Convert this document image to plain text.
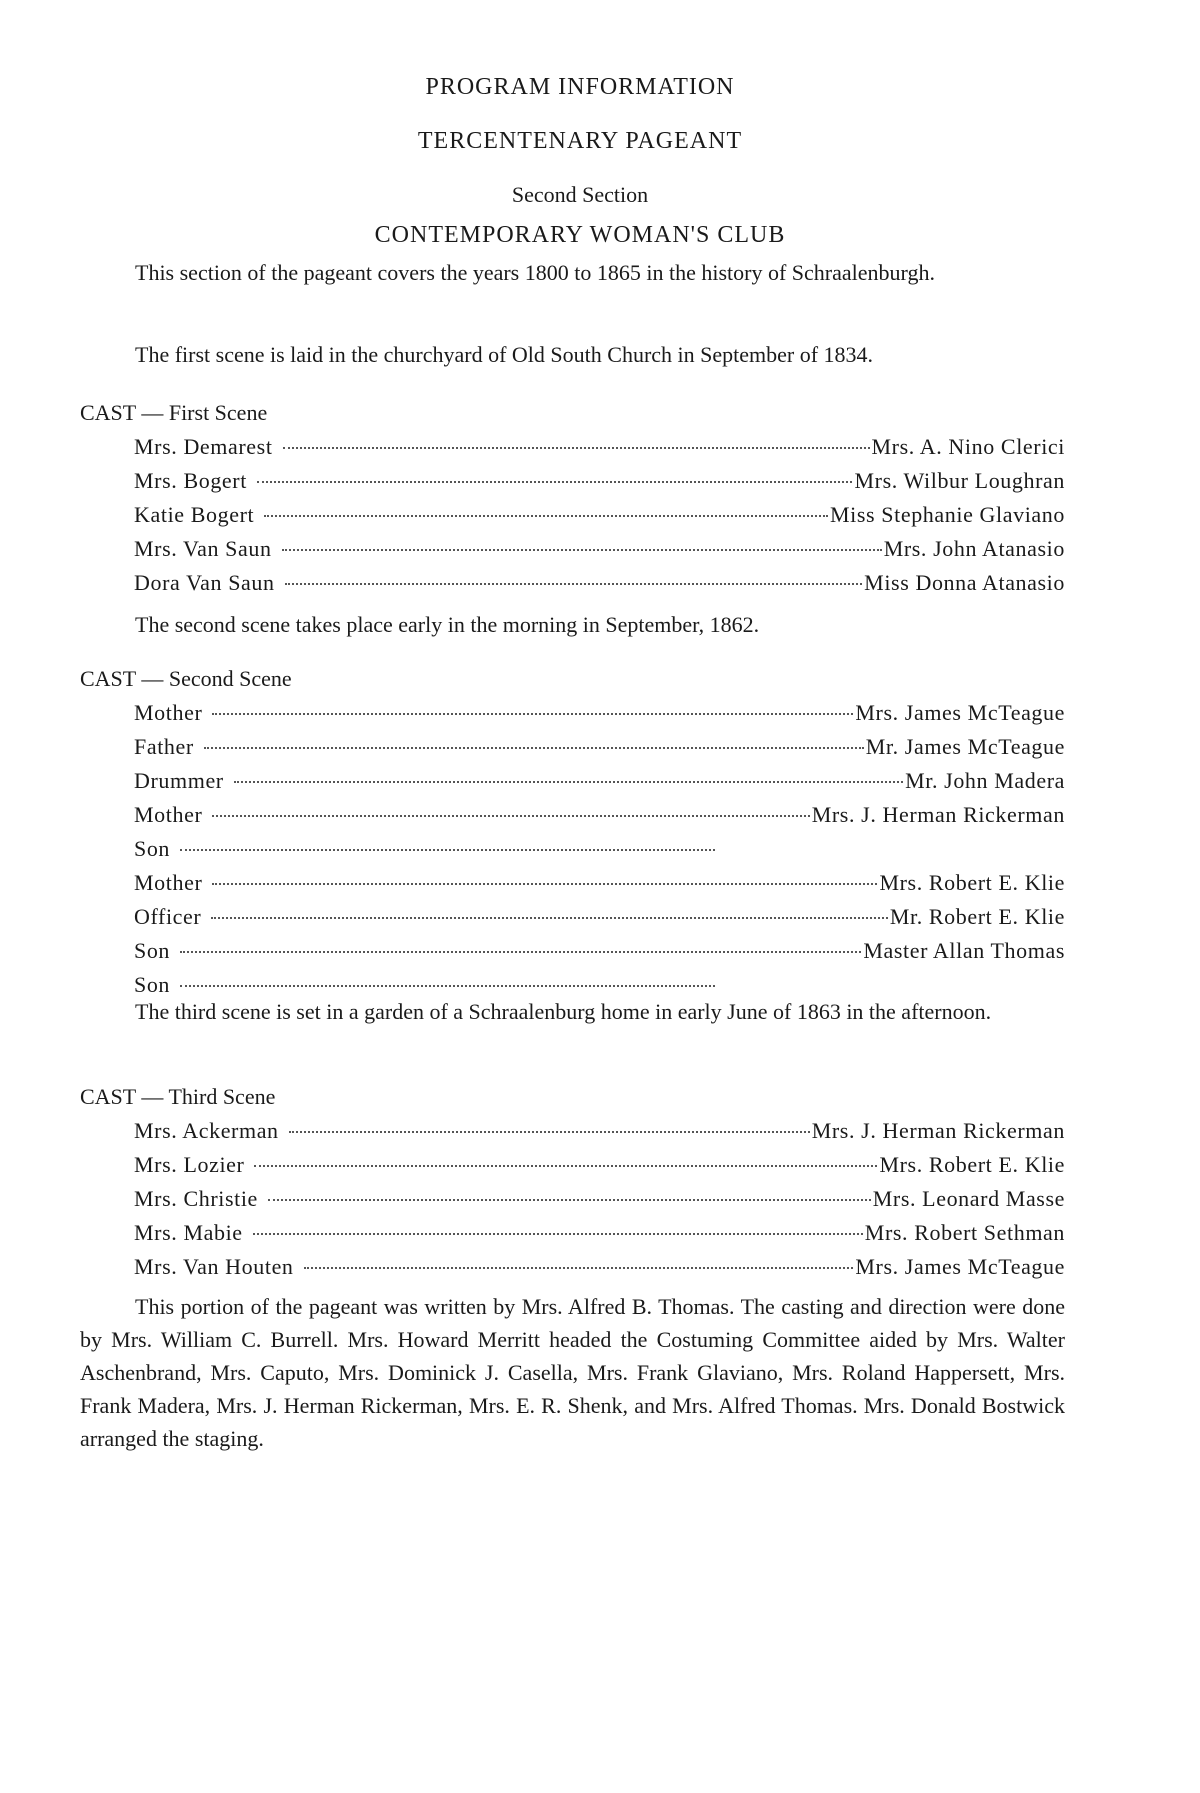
PROGRAM INFORMATION
TERCENTENARY PAGEANT
Second Section
CONTEMPORARY WOMAN'S CLUB
This section of the pageant covers the years 1800 to 1865 in the history of Schraalenburgh.
The first scene is laid in the churchyard of Old South Church in September of 1834.
CAST — First Scene
Mrs. Demarest	Mrs. A. Nino Clerici
Mrs. Bogert	Mrs. Wilbur Loughran
Katie Bogert	Miss Stephanie Glaviano
Mrs. Van Saun	Mrs. John Atanasio
Dora Van Saun	Miss Donna Atanasio
The second scene takes place early in the morning in September, 1862.
CAST — Second Scene
Mother	Mrs. James McTeague
Father	Mr. James McTeague
Drummer	Mr. John Madera
Mother	Mrs. J. Herman Rickerman
Son
Mother	Mrs. Robert E. Klie
Officer	Mr. Robert E. Klie
Son	Master Allan Thomas
Son
The third scene is set in a garden of a Schraalenburg home in early June of 1863 in the afternoon.
CAST — Third Scene
Mrs. Ackerman	Mrs. J. Herman Rickerman
Mrs. Lozier	Mrs. Robert E. Klie
Mrs. Christie	Mrs. Leonard Masse
Mrs. Mabie	Mrs. Robert Sethman
Mrs. Van Houten	Mrs. James McTeague
This portion of the pageant was written by Mrs. Alfred B. Thomas. The casting and direction were done by Mrs. William C. Burrell. Mrs. Howard Merritt headed the Costuming Committee aided by Mrs. Walter Aschenbrand, Mrs. Caputo, Mrs. Dominick J. Casella, Mrs. Frank Glaviano, Mrs. Roland Happersett, Mrs. Frank Madera, Mrs. J. Herman Rickerman, Mrs. E. R. Shenk, and Mrs. Alfred Thomas. Mrs. Donald Bostwick arranged the staging.
